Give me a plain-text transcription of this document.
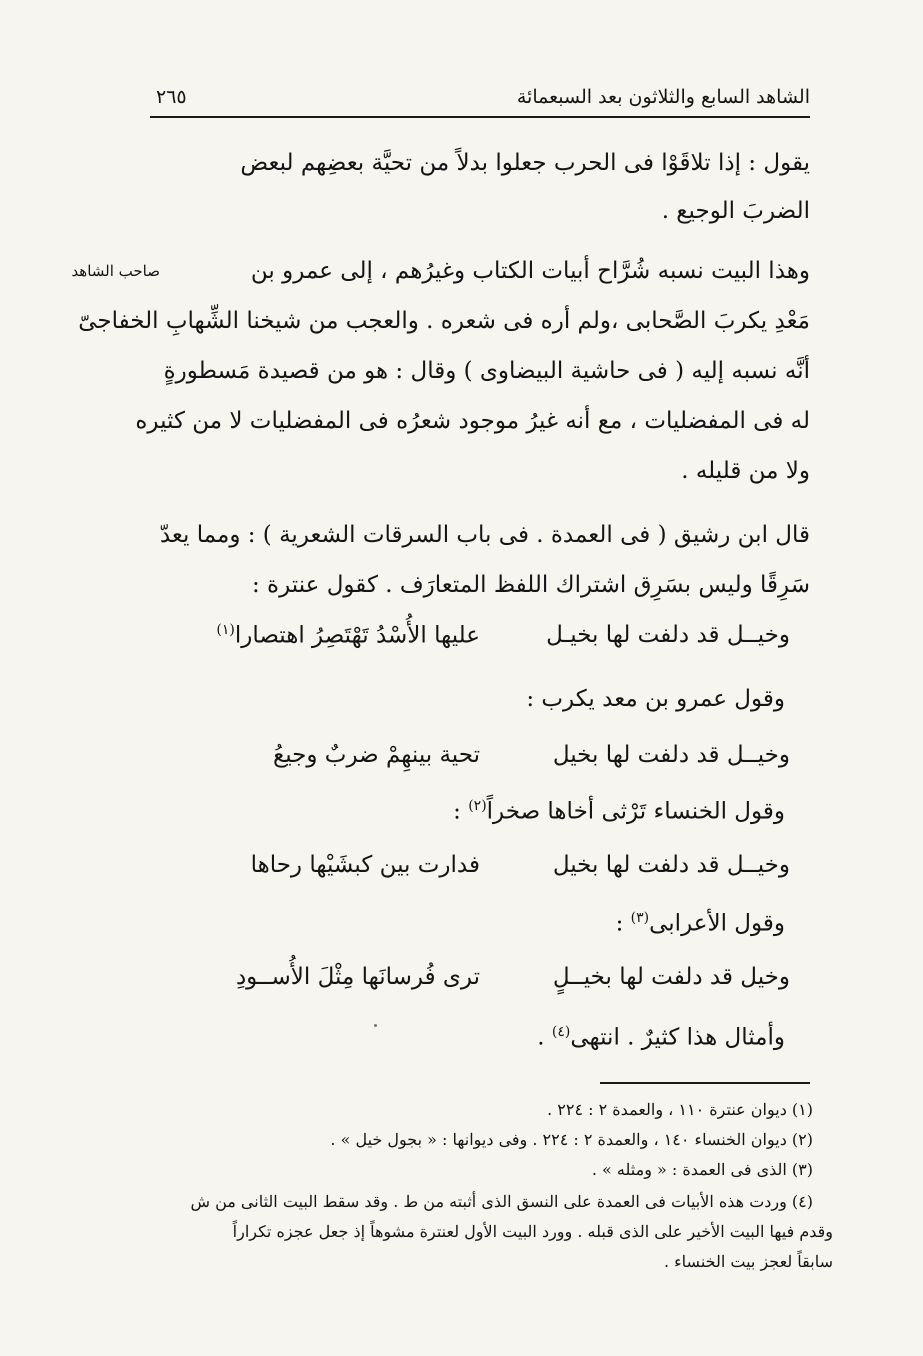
الشاهد السابع والثلاثون بعد السبعمائة
٢٦٥
صاحب الشاهد
يقول : إذا تلاقَوْا فى الحرب جعلوا بدلاً من تحيَّة بعضِهم لبعض
الضربَ الوجيع .
وهذا البيت نسبه شُرَّاح أبيات الكتاب وغيرُهم ، إلى عمرو بن
مَعْدِ يكربَ الصَّحابى ،ولم أره فى شعره . والعجب من شيخنا الشِّهابِ الخفاجىّ
أنَّه نسبه إليه ( فى حاشية البيضاوى ) وقال : هو من قصيدة مَسطورةٍ
له فى المفضليات ، مع أنه غيرُ موجود شعرُه فى المفضليات لا من كثيره
ولا من قليله .
قال ابن رشيق ( فى العمدة . فى باب السرقات الشعرية ) : ومما يعدّ
سَرِقًا وليس بسَرِق اشتراك اللفظ المتعارَف . كقول عنترة :
وخيــل قد دلفت لها بخيـل
عليها الأُسْدُ تَهْتَصِرُ اهتصارا$^{(١)}$
وقول عمرو بن معد يكرب :
وخيــل قد دلفت لها بخيل
تحية بينهِمْ ضربٌ وجيعُ
وقول الخنساء تَرْثى أخاها صخراً$^{(٢)}$ :
وخيــل قد دلفت لها بخيل
فدارت بين كبشَيْها رحاها
وقول الأعرابى$^{(٣)}$ :
وخيل قد دلفت لها بخيــلٍ
ترى فُرسانَها مِثْلَ الأُســودِ
وأمثال هذا كثيرٌ . انتهى$^{(٤)}$ .
(١) ديوان عنترة ١١٠ ، والعمدة ٢ : ٢٢٤ .
(٢) ديوان الخنساء ١٤٠ ، والعمدة ٢ : ٢٢٤ . وفى ديوانها : « بجول خيل » .
(٣) الذى فى العمدة : « ومثله » .
(٤) وردت هذه الأبيات فى العمدة على النسق الذى أثبته من ط . وقد سقط البيت الثانى من ش
وقدم فيها البيت الأخير على الذى قبله . وورد البيت الأول لعنترة مشوهاً إذ جعل عجزه تكراراً
سابقاً لعجز بيت الخنساء .
